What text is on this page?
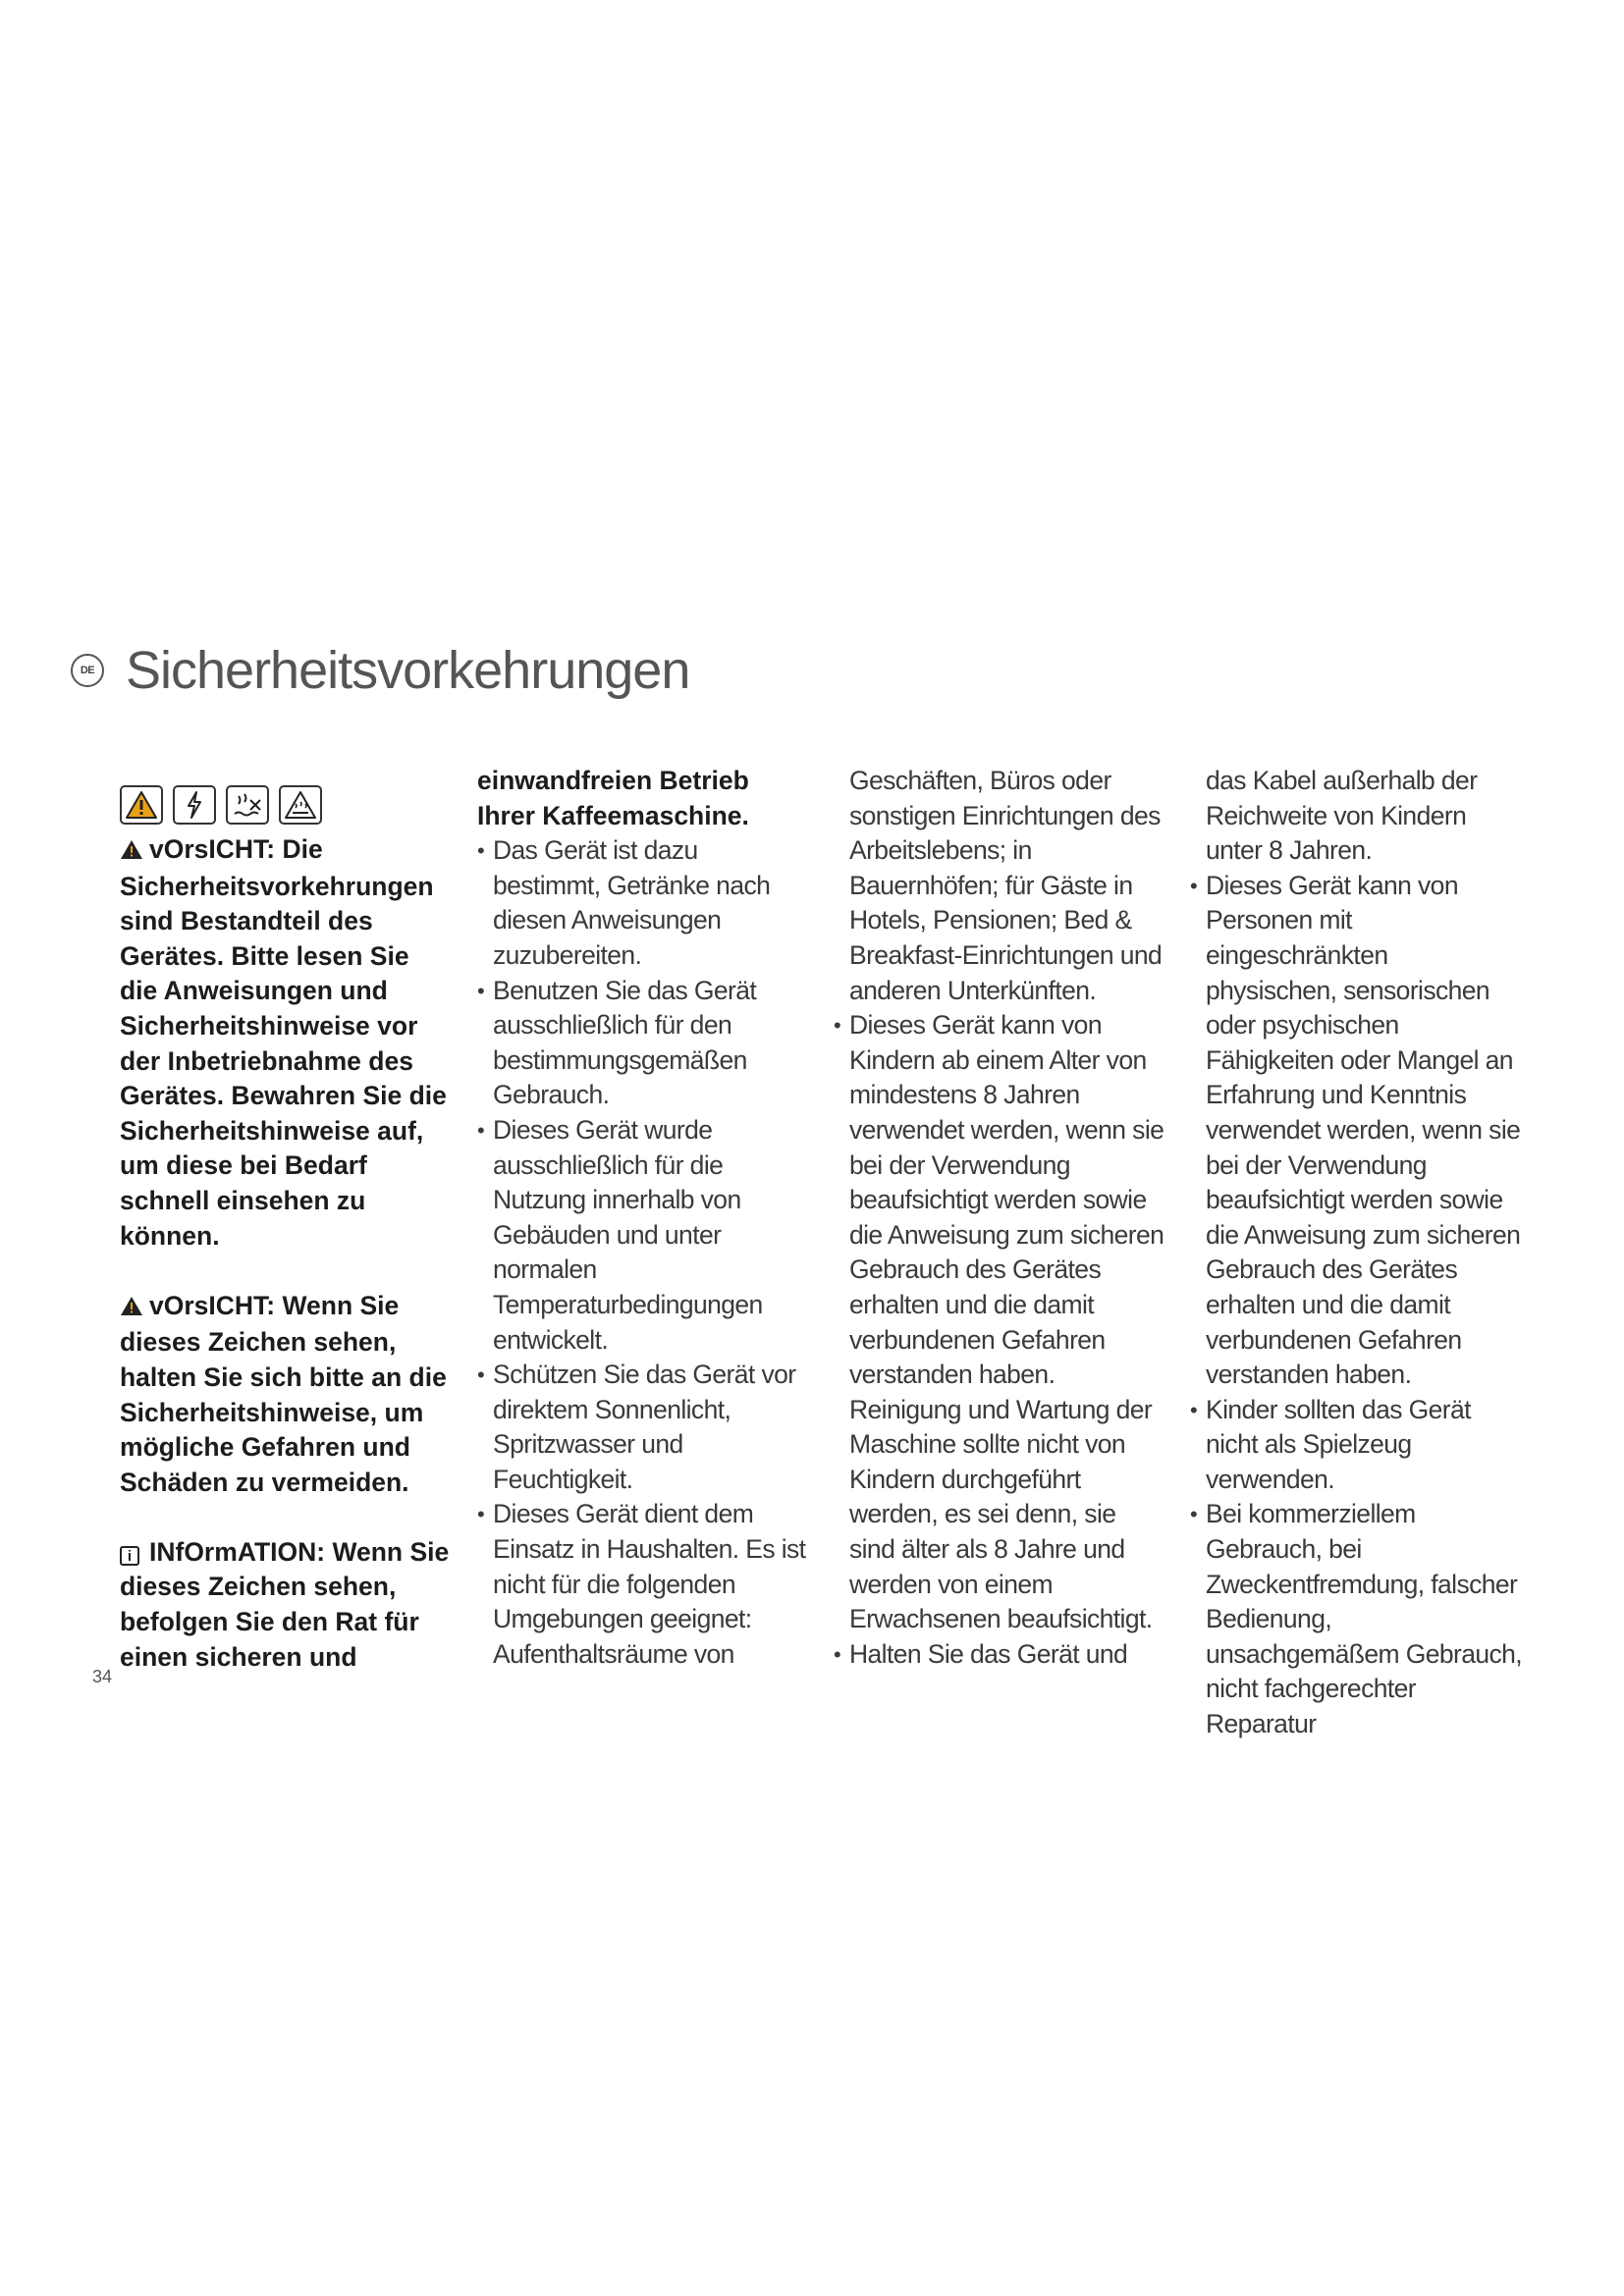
DE Sicherheitsvorkehrungen

vOrsICHT: Die Sicherheitsvorkehrungen sind Bestandteil des Gerätes. Bitte lesen Sie die Anweisungen und Sicherheitshinweise vor der Inbetriebnahme des Gerätes. Bewahren Sie die Sicherheitshinweise auf, um diese bei Bedarf schnell einsehen zu können.

vOrsICHT: Wenn Sie dieses Zeichen sehen, halten Sie sich bitte an die Sicherheitshinweise, um mögliche Gefahren und Schäden zu vermeiden.

i INfOrmATION: Wenn Sie dieses Zeichen sehen, befolgen Sie den Rat für einen sicheren und

einwandfreien Betrieb Ihrer Kaffeemaschine.

• Das Gerät ist dazu bestimmt, Getränke nach diesen Anweisungen zuzubereiten.
• Benutzen Sie das Gerät ausschließlich für den bestimmungsgemäßen Gebrauch.
• Dieses Gerät wurde ausschließlich für die Nutzung innerhalb von Gebäuden und unter normalen Temperaturbedingungen entwickelt.
• Schützen Sie das Gerät vor direktem Sonnenlicht, Spritzwasser und Feuchtigkeit.
• Dieses Gerät dient dem Einsatz in Haushalten. Es ist nicht für die folgenden Umgebungen geeignet: Aufenthaltsräume von

Geschäften, Büros oder sonstigen Einrichtungen des Arbeitslebens; in Bauernhöfen; für Gäste in Hotels, Pensionen; Bed & Breakfast-Einrichtungen und anderen Unterkünften.

• Dieses Gerät kann von Kindern ab einem Alter von mindestens 8 Jahren verwendet werden, wenn sie bei der Verwendung beaufsichtigt werden sowie die Anweisung zum sicheren Gebrauch des Gerätes erhalten und die damit verbundenen Gefahren verstanden haben. Reinigung und Wartung der Maschine sollte nicht von Kindern durchgeführt werden, es sei denn, sie sind älter als 8 Jahre und werden von einem Erwachsenen beaufsichtigt.
• Halten Sie das Gerät und

das Kabel außerhalb der Reichweite von Kindern unter 8 Jahren.

• Dieses Gerät kann von Personen mit eingeschränkten physischen, sensorischen oder psychischen Fähigkeiten oder Mangel an Erfahrung und Kenntnis verwendet werden, wenn sie bei der Verwendung beaufsichtigt werden sowie die Anweisung zum sicheren Gebrauch des Gerätes erhalten und die damit verbundenen Gefahren verstanden haben.
• Kinder sollten das Gerät nicht als Spielzeug verwenden.
• Bei kommerziellem Gebrauch, bei Zweckentfremdung, falscher Bedienung, unsachgemäßem Gebrauch, nicht fachgerechter Reparatur
34
